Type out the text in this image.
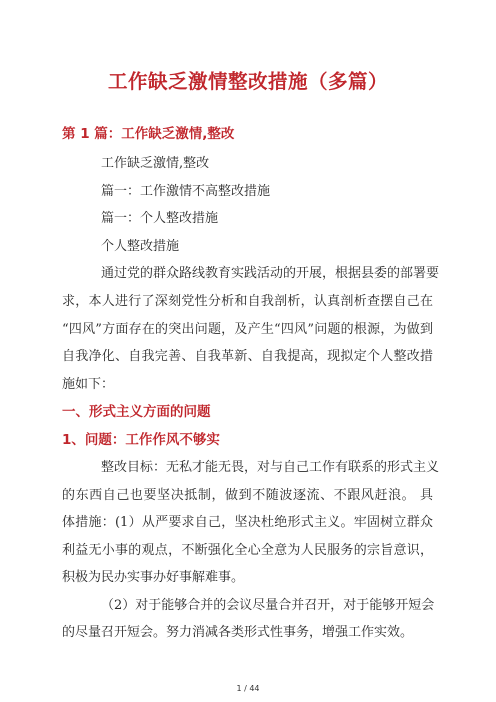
工作缺乏激情整改措施（多篇）
第 1 篇：工作缺乏激情,整改
工作缺乏激情,整改
篇一：工作激情不高整改措施
篇一：个人整改措施
个人整改措施
通过党的群众路线教育实践活动的开展，根据县委的部署要
求，本人进行了深刻党性分析和自我剖析，认真剖析查摆自己在
“四风”方面存在的突出问题，及产生“四风”问题的根源，为做到
自我净化、自我完善、自我革新、自我提高，现拟定个人整改措
施如下：
一、形式主义方面的问题
1、问题：工作作风不够实
整改目标：无私才能无畏，对与自己工作有联系的形式主义
的东西自己也要坚决抵制，做到不随波逐流、不跟风赶浪。 具
体措施：(1）从严要求自己，坚决杜绝形式主义。牢固树立群众
利益无小事的观点，不断强化全心全意为人民服务的宗旨意识，
积极为民办实事办好事解难事。
（2）对于能够合并的会议尽量合并召开，对于能够开短会
的尽量召开短会。努力消减各类形式性事务，增强工作实效。
1 / 44
